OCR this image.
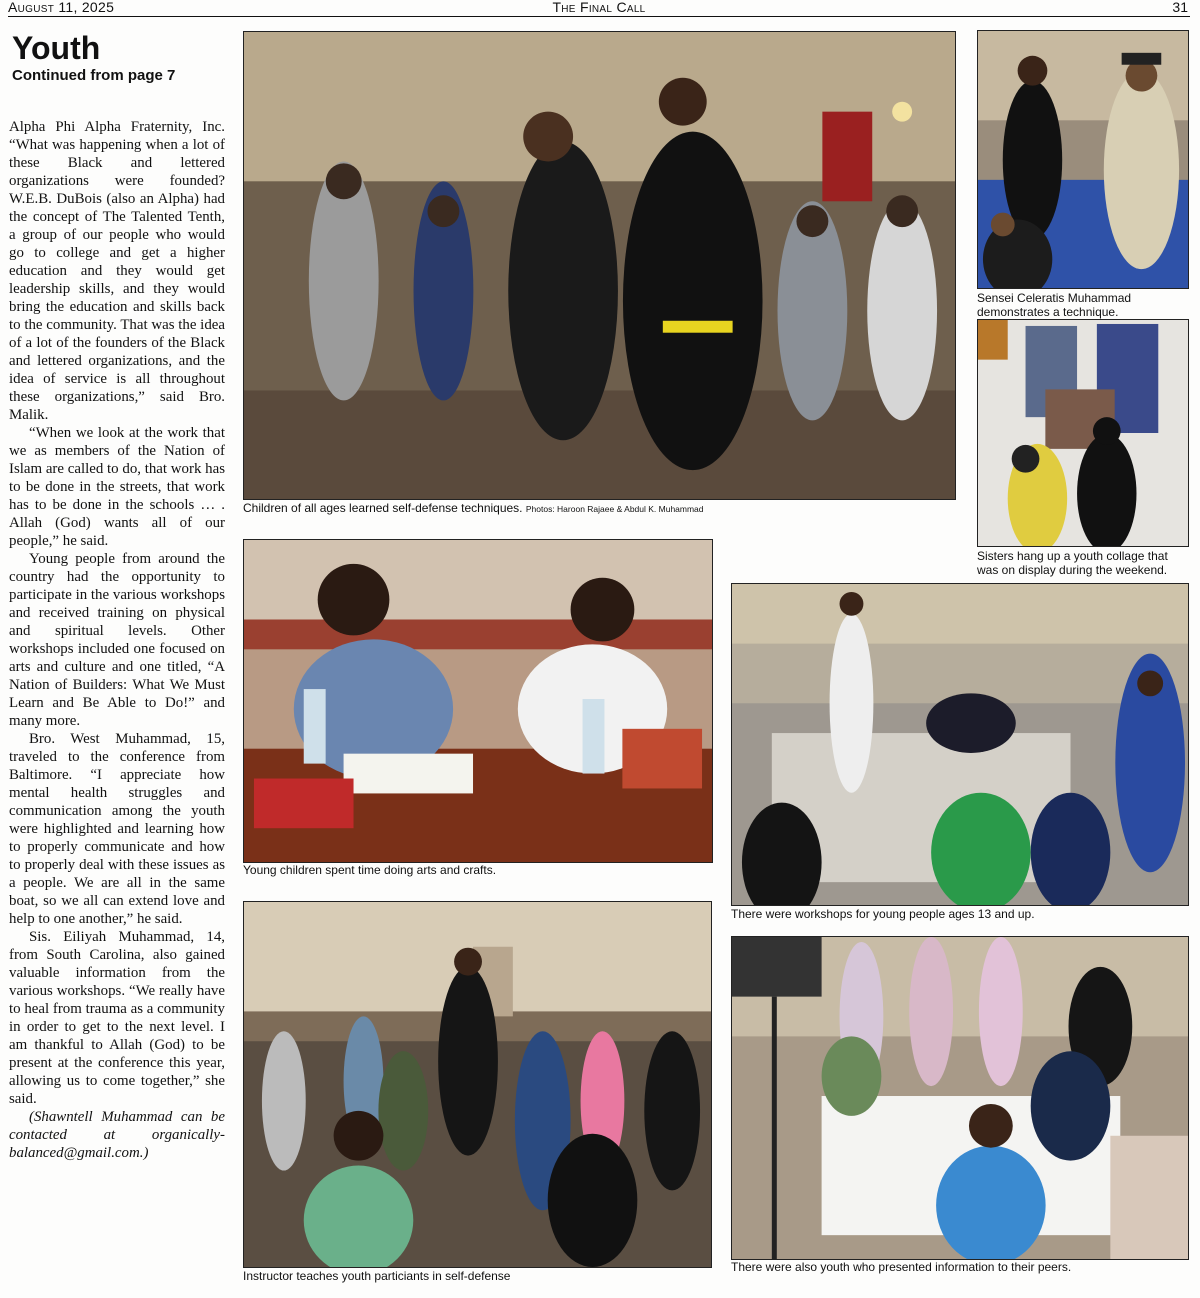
August 11, 2025	The Final Call	31
Youth
Continued from page 7

Alpha Phi Alpha Fraternity, Inc. “What was happening when a lot of these Black and lettered organizations were founded? W.E.B. DuBois (also an Alpha) had the concept of The Talented Tenth, a group of our people who would go to college and get a higher education and they would get leadership skills, and they would bring the education and skills back to the community. That was the idea of a lot of the founders of the Black and lettered organizations, and the idea of service is all throughout these organizations,” said Bro. Malik.

“When we look at the work that we as members of the Nation of Islam are called to do, that work has to be done in the streets, that work has to be done in the schools … . Allah (God) wants all of our people,” he said.

Young people from around the country had the opportunity to participate in the various workshops and received training on physical and spiritual levels. Other workshops included one focused on arts and culture and one titled, “A Nation of Builders: What We Must Learn and Be Able to Do!” and many more.

Bro. West Muhammad, 15, traveled to the conference from Baltimore. “I appreciate how mental health struggles and communication among the youth were highlighted and learning how to properly communicate and how to properly deal with these issues as a people. We are all in the same boat, so we all can extend love and help to one another,” he said.

Sis. Eiliyah Muhammad, 14, from South Carolina, also gained valuable information from the various workshops. “We really have to heal from trauma as a community in order to get to the next level. I am thankful to Allah (God) to be present at the conference this year, allowing us to come together,” she said.

(Shawntell Muhammad can be contacted at organicallybalanced@gmail.com.)

Children of all ages learned self-defense techniques. Photos: Haroon Rajaee & Abdul K. Muhammad
Sensei Celeratis Muhammad demonstrates a technique.
Sisters hang up a youth collage that was on display during the weekend.
Young children spent time doing arts and crafts.
There were workshops for young people ages 13 and up.
Instructor teaches youth particiants in self-defense
There were also youth who presented information to their peers.
